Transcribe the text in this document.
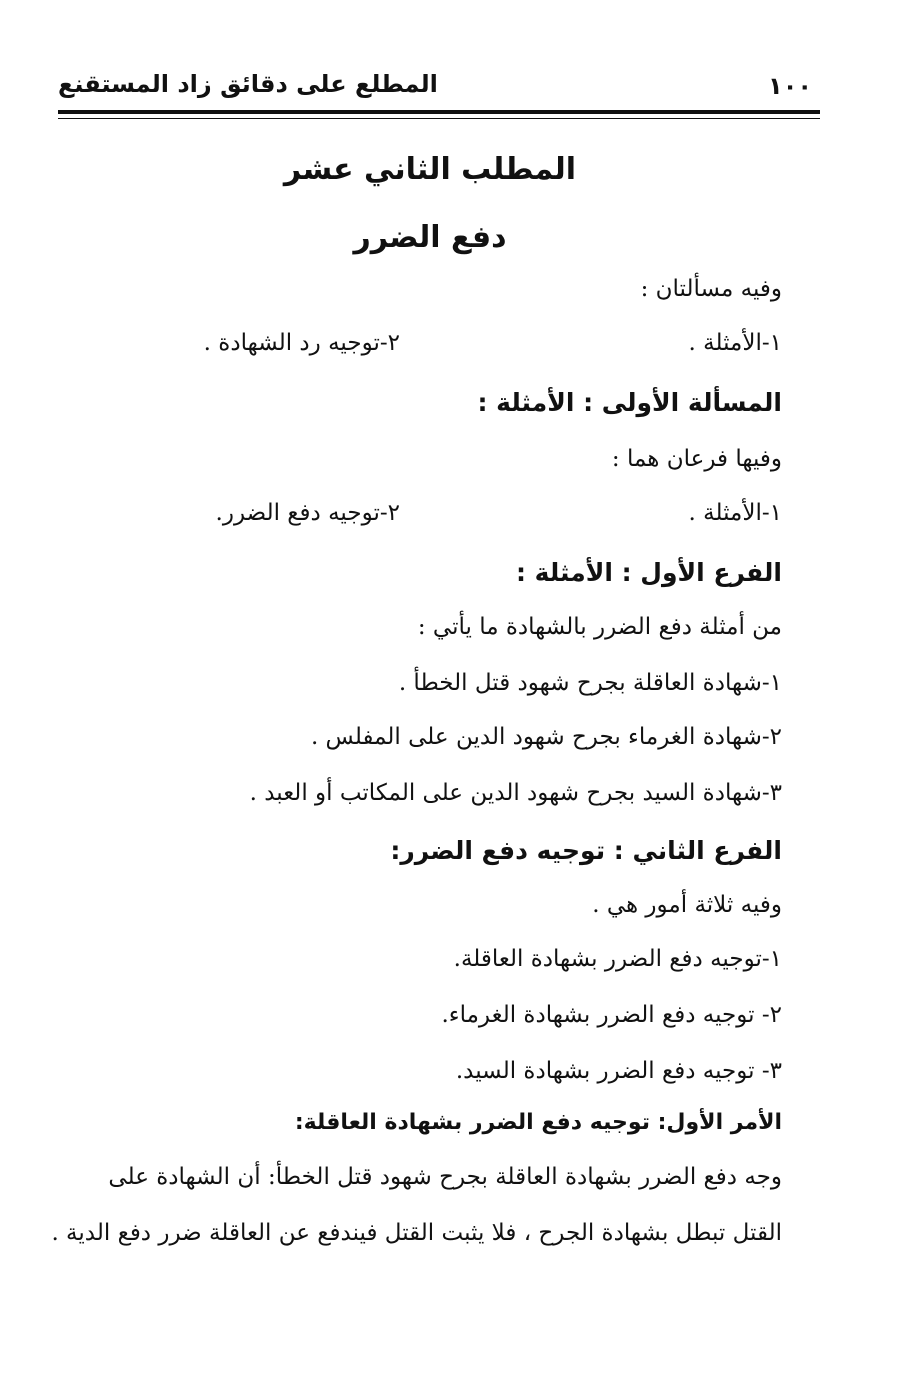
١٠٠
المطلع على دقائق زاد المستقنع
المطلب الثاني عشر
دفع الضرر
وفيه مسألتان :
١-الأمثلة .
٢-توجيه رد الشهادة .
المسألة الأولى : الأمثلة :
وفيها فرعان هما :
١-الأمثلة .
٢-توجيه دفع الضرر.
الفرع الأول : الأمثلة :
من أمثلة دفع الضرر بالشهادة ما يأتي :
١-شهادة العاقلة بجرح شهود قتل الخطأ .
٢-شهادة الغرماء بجرح شهود الدين على المفلس .
٣-شهادة السيد بجرح شهود الدين على المكاتب أو العبد .
الفرع الثاني : توجيه دفع الضرر:
وفيه ثلاثة أمور هي .
١-توجيه دفع الضرر بشهادة العاقلة.
٢- توجيه دفع الضرر بشهادة الغرماء.
٣- توجيه دفع الضرر بشهادة السيد.
الأمر الأول: توجيه دفع الضرر بشهادة العاقلة:
وجه دفع الضرر بشهادة العاقلة بجرح شهود قتل الخطأ: أن الشهادة على
القتل تبطل بشهادة الجرح ، فلا يثبت القتل فيندفع عن العاقلة ضرر دفع الدية .
